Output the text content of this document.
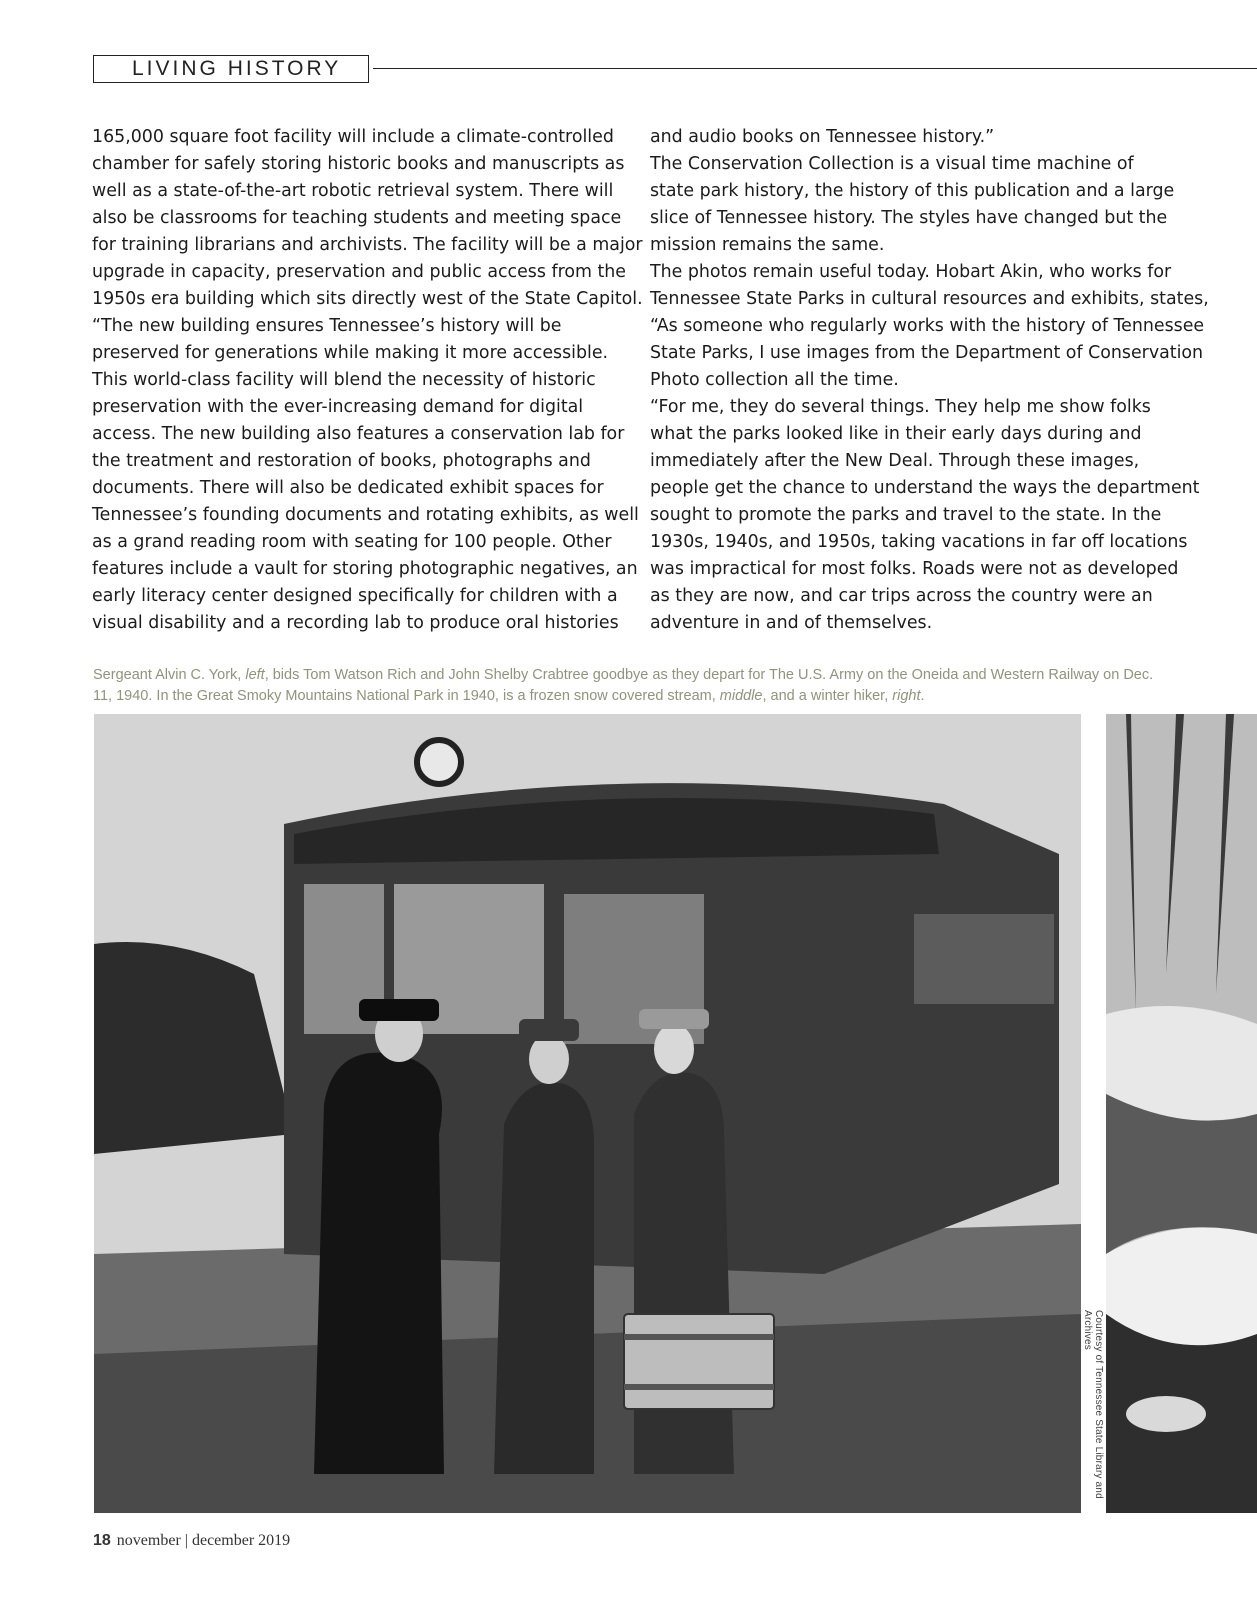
LIVING HISTORY
165,000 square foot facility will include a climate-controlled
chamber for safely storing historic books and manuscripts as
well as a state-of-the-art robotic retrieval system. There will
also be classrooms for teaching students and meeting space
for training librarians and archivists. The facility will be a major
upgrade in capacity, preservation and public access from the
1950s era building which sits directly west of the State Capitol.
“The new building ensures Tennessee’s history will be
preserved for generations while making it more accessible.
This world-class facility will blend the necessity of historic
preservation with the ever-increasing demand for digital
access. The new building also features a conservation lab for
the treatment and restoration of books, photographs and
documents. There will also be dedicated exhibit spaces for
Tennessee’s founding documents and rotating exhibits, as well
as a grand reading room with seating for 100 people. Other
features include a vault for storing photographic negatives, an
early literacy center designed specifically for children with a
visual disability and a recording lab to produce oral histories
and audio books on Tennessee history.”
The Conservation Collection is a visual time machine of
state park history, the history of this publication and a large
slice of Tennessee history. The styles have changed but the
mission remains the same.
The photos remain useful today. Hobart Akin, who works for
Tennessee State Parks in cultural resources and exhibits, states,
“As someone who regularly works with the history of Tennessee
State Parks, I use images from the Department of Conservation
Photo collection all the time.
“For me, they do several things. They help me show folks
what the parks looked like in their early days during and
immediately after the New Deal. Through these images,
people get the chance to understand the ways the department
sought to promote the parks and travel to the state. In the
1930s, 1940s, and 1950s, taking vacations in far off locations
was impractical for most folks. Roads were not as developed
as they are now, and car trips across the country were an
adventure in and of themselves.
Sergeant Alvin C. York, left, bids Tom Watson Rich and John Shelby Crabtree goodbye as they depart for The U.S. Army on the Oneida and Western Railway on Dec.
11, 1940. In the Great Smoky Mountains National Park in 1940, is a frozen snow covered stream, middle, and a winter hiker, right.
Courtesy of Tennessee State Library and Archives
18 november | december 2019
